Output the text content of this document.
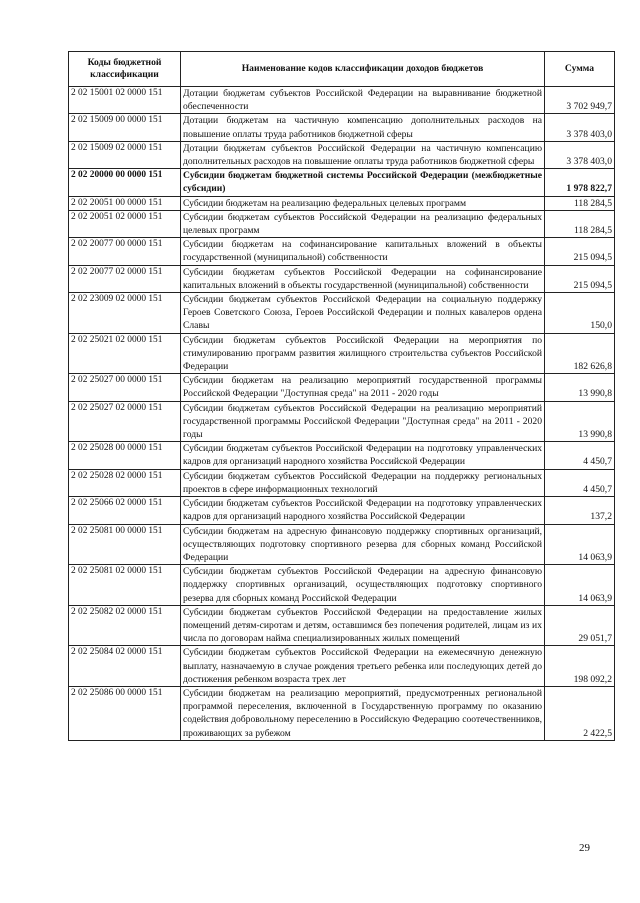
Коды бюджетной классификации	Наименование кодов классификации доходов бюджетов	Сумма
2 02 15001 02 0000 151	Дотации бюджетам субъектов Российской Федерации на выравнивание бюджетной обеспеченности	3 702 949,7
2 02 15009 00 0000 151	Дотации бюджетам на частичную компенсацию дополнительных расходов на повышение оплаты труда работников бюджетной сферы	3 378 403,0
2 02 15009 02 0000 151	Дотации бюджетам субъектов Российской Федерации на частичную компенсацию дополнительных расходов на повышение оплаты труда работников бюджетной сферы	3 378 403,0
2 02 20000 00 0000 151	Субсидии бюджетам бюджетной системы Российской Федерации (межбюджетные субсидии)	1 978 822,7
2 02 20051 00 0000 151	Субсидии бюджетам на реализацию федеральных целевых программ	118 284,5
2 02 20051 02 0000 151	Субсидии бюджетам субъектов Российской Федерации на реализацию федеральных целевых программ	118 284,5
2 02 20077 00 0000 151	Субсидии бюджетам на софинансирование капитальных вложений в объекты государственной (муниципальной) собственности	215 094,5
2 02 20077 02 0000 151	Субсидии бюджетам субъектов Российской Федерации на софинансирование капитальных вложений в объекты государственной (муниципальной) собственности	215 094,5
2 02 23009 02 0000 151	Субсидии бюджетам субъектов Российской Федерации на социальную поддержку Героев Советского Союза, Героев Российской Федерации и полных кавалеров ордена Славы	150,0
2 02 25021 02 0000 151	Субсидии бюджетам субъектов Российской Федерации на мероприятия по стимулированию программ развития жилищного строительства субъектов Российской Федерации	182 626,8
2 02 25027 00 0000 151	Субсидии бюджетам на реализацию мероприятий государственной программы Российской Федерации "Доступная среда" на 2011 - 2020 годы	13 990,8
2 02 25027 02 0000 151	Субсидии бюджетам субъектов Российской Федерации на реализацию мероприятий государственной программы Российской Федерации "Доступная среда" на 2011 - 2020 годы	13 990,8
2 02 25028 00 0000 151	Субсидии бюджетам субъектов Российской Федерации на подготовку управленческих кадров для организаций народного хозяйства Российской Федерации	4 450,7
2 02 25028 02 0000 151	Субсидии бюджетам субъектов Российской Федерации на поддержку региональных проектов в сфере информационных технологий	4 450,7
2 02 25066 02 0000 151	Субсидии бюджетам субъектов Российской Федерации на подготовку управленческих кадров для организаций народного хозяйства Российской Федерации	137,2
2 02 25081 00 0000 151	Субсидии бюджетам на адресную финансовую поддержку спортивных организаций, осуществляющих подготовку спортивного резерва для сборных команд Российской Федерации	14 063,9
2 02 25081 02 0000 151	Субсидии бюджетам субъектов Российской Федерации на адресную финансовую поддержку спортивных организаций, осуществляющих подготовку спортивного резерва для сборных команд Российской Федерации	14 063,9
2 02 25082 02 0000 151	Субсидии бюджетам субъектов Российской Федерации на предоставление жилых помещений детям-сиротам и детям, оставшимся без попечения родителей, лицам из их числа по договорам найма специализированных жилых помещений	29 051,7
2 02 25084 02 0000 151	Субсидии бюджетам субъектов Российской Федерации на ежемесячную денежную выплату, назначаемую в случае рождения третьего ребенка или последующих детей до достижения ребенком возраста трех лет	198 092,2
2 02 25086 00 0000 151	Субсидии бюджетам на реализацию мероприятий, предусмотренных региональной программой переселения, включенной в Государственную программу по оказанию содействия добровольному переселению в Российскую Федерацию соотечественников, проживающих за рубежом	2 422,5
29
